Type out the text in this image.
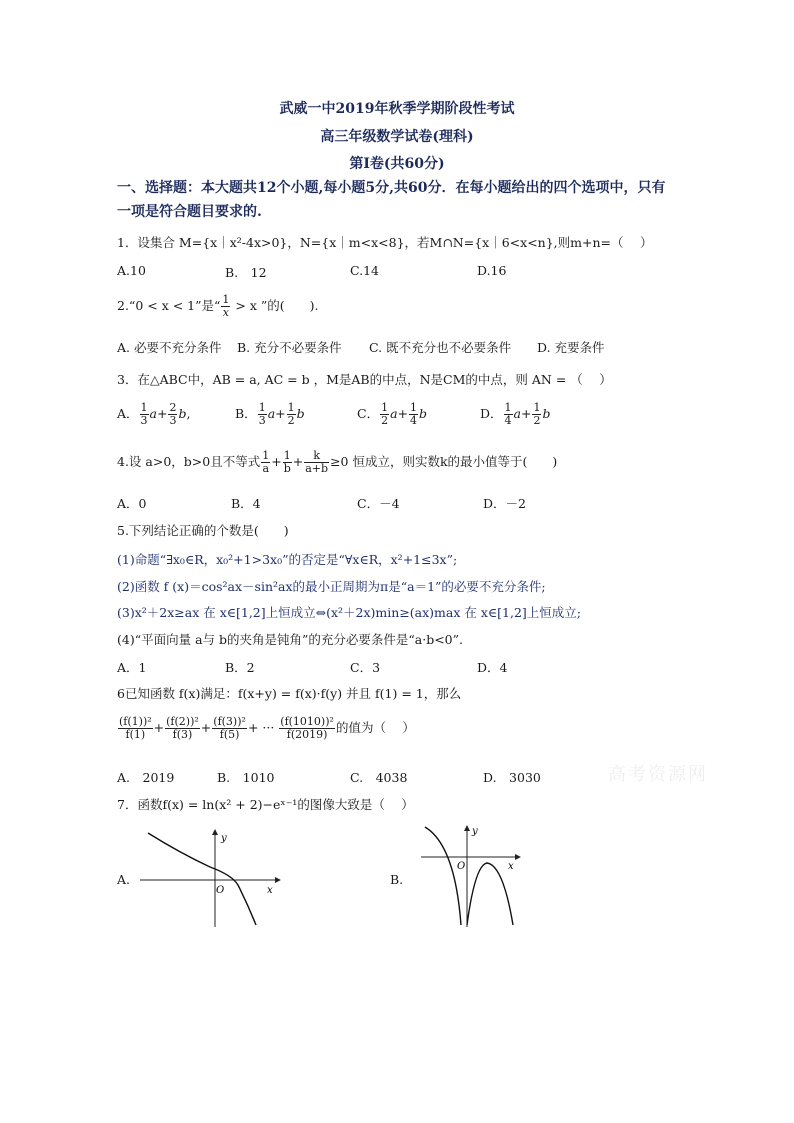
武威一中2019年秋季学期阶段性考试
高三年级数学试卷(理科)
第Ⅰ卷(共60分)
一、选择题：本大题共12个小题,每小题5分,共60分．在每小题给出的四个选项中，只有
一项是符合题目要求的.
1．设集合 M={x｜x²-4x>0}，N={x｜m<x<8}，若M∩N={x｜6<x<n},则m+n=（　 ）
A.10	B.　12	C.14	D.16
2.“0 < x < 1”是“ $\frac{1}{x} > x$ ”的(　　).
A. 必要不充分条件 B. 充分不必要条件 C. 既不充分也不必要条件 D. 充要条件
3．在△ABC中，AB = a, AC = b ，M是AB的中点，N是CM的中点，则 AN = （　 ）
A． $\frac{1}{3} a+ \frac{2}{3} b$,	B． $\frac{1}{3} a+ \frac{1}{2}$ b	C． $\frac{1}{2} a+ \frac{1}{4}$ b	D． $\frac{1}{4} a+ \frac{1}{2}$ b
4.设 a>0，b>0且不等式 $\frac{1}{a} + \frac{1}{b} + \frac{k}{a+b} \ge 0$ 恒成立，则实数k的最小值等于(　　)
A．0	B．4	C．－4	D．－2
5.下列结论正确的个数是(　　)
(1)命题“∃x₀∈R，x₀²+1>3x₀”的否定是“∀x∈R，x²+1≤3x”;
(2)函数 f (x)＝cos²ax－sin²ax的最小正周期为π是“a＝1”的必要不充分条件;
(3)x²＋2x≥ax 在 x∈[1,2]上恒成立⇔(x²＋2x)min≥(ax)max 在 x∈[1,2]上恒成立;
(4)“平面向量 a与 b的夹角是钝角”的充分必要条件是“a·b<0”.
A．1	B．2	C．3	D．4
6已知函数 f(x)满足：f(x+y) = f(x)·f(y) 并且 f(1) = 1，那么
$\frac{\text{(f(1))²}}{f(1)} + \frac{\text{(f(2))²}}{f(3)} + \frac{\text{(f(3))²}}{f(5)}$ + ··· $\frac{\text{(f(1010))²}}{f(2019)}$ 的值为（　 ）
A.　2019	B.　1010	C.　4038	D.　3030	高考资源网
7．函数f(x) = ln(x² + 2)−eˣ⁻¹的图像大致是（　 ）
A.
y
x
O
B.
y
x
O
